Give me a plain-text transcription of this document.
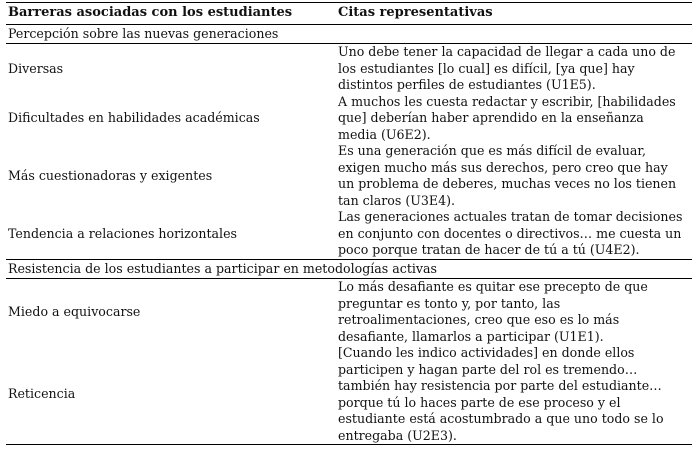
Barreras asociadas con los estudiantes	Citas representativas
Percepción sobre las nuevas generaciones	
Diversas	Uno debe tener la capacidad de llegar a cada uno de los estudiantes [lo cual] es difícil, [ya que] hay distintos perfiles de estudiantes (U1E5).
Dificultades en habilidades académicas	A muchos les cuesta redactar y escribir, [habilidades que] deberían haber aprendido en la enseñanza media (U6E2).
Más cuestionadoras y exigentes	Es una generación que es más difícil de evaluar, exigen mucho más sus derechos, pero creo que hay un problema de deberes, muchas veces no los tienen tan claros (U3E4).
Tendencia a relaciones horizontales	Las generaciones actuales tratan de tomar decisiones en conjunto con docentes o directivos… me cuesta un poco porque tratan de hacer de tú a tú (U4E2).
Resistencia de los estudiantes a participar en metodologías activas	
Miedo a equivocarse	Lo más desafiante es quitar ese precepto de que preguntar es tonto y, por tanto, las retroalimentaciones, creo que eso es lo más desafiante, llamarlos a participar (U1E1).
Reticencia	[Cuando les indico actividades] en donde ellos participen y hagan parte del rol es tremendo… también hay resistencia por parte del estudiante… porque tú lo haces parte de ese proceso y el estudiante está acostumbrado a que uno todo se lo entregaba (U2E3).
